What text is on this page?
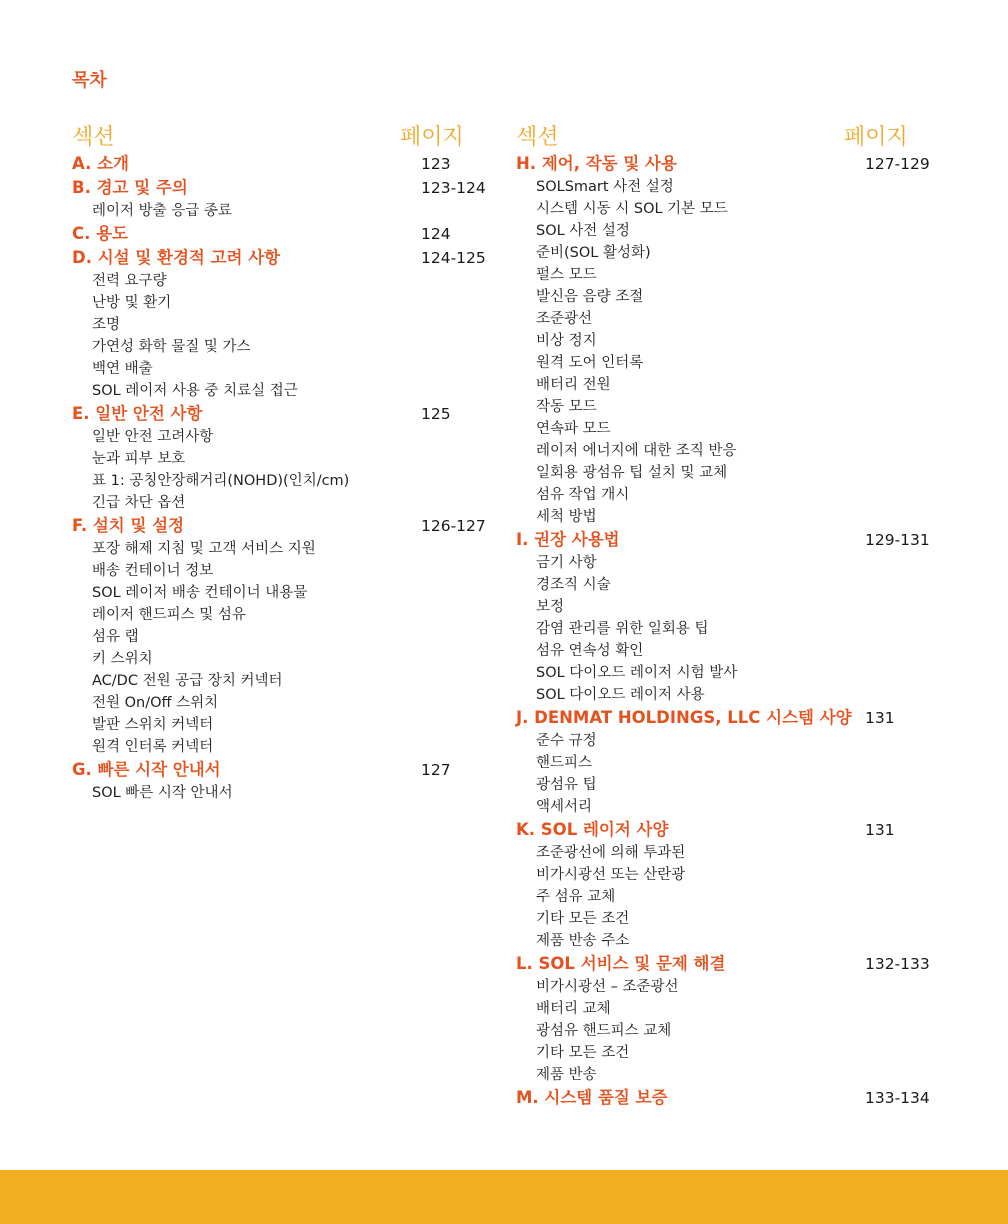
목차
섹션	페이지
A. 소개	123
B. 경고 및 주의	123-124
레이저 방출 응급 종료
C. 용도	124
D. 시설 및 환경적 고려 사항	124-125
전력 요구량
난방 및 환기
조명
가연성 화학 물질 및 가스
백연 배출
SOL 레이저 사용 중 치료실 접근
E. 일반 안전 사항	125
일반 안전 고려사항
눈과 피부 보호
표 1: 공칭안장해거리(NOHD)(인치/cm)
긴급 차단 옵션
F. 설치 및 설정	126-127
포장 해제 지침 및 고객 서비스 지원
배송 컨테이너 정보
SOL 레이저 배송 컨테이너 내용물
레이저 핸드피스 및 섬유
섬유 랩
키 스위치
AC/DC 전원 공급 장치 커넥터
전원 On/Off 스위치
발판 스위치 커넥터
원격 인터록 커넥터
G. 빠른 시작 안내서	127
SOL 빠른 시작 안내서
섹션	페이지
H. 제어, 작동 및 사용	127-129
SOLSmart 사전 설정
시스템 시동 시 SOL 기본 모드
SOL 사전 설정
준비(SOL 활성화)
펄스 모드
발신음 음량 조절
조준광선
비상 정지
원격 도어 인터록
배터리 전원
작동 모드
연속파 모드
레이저 에너지에 대한 조직 반응
일회용 광섬유 팁 설치 및 교체
섬유 작업 개시
세척 방법
I. 권장 사용법	129-131
금기 사항
경조직 시술
보정
감염 관리를 위한 일회용 팁
섬유 연속성 확인
SOL 다이오드 레이저 시험 발사
SOL 다이오드 레이저 사용
J. DENMAT HOLDINGS, LLC 시스템 사양 131
준수 규정
핸드피스
광섬유 팁
액세서리
K. SOL 레이저 사양	131
조준광선에 의해 투과된
비가시광선 또는 산란광
주 섬유 교체
기타 모든 조건
제품 반송 주소
L. SOL 서비스 및 문제 해결	132-133
비가시광선 – 조준광선
배터리 교체
광섬유 핸드피스 교체
기타 모든 조건
제품 반송
M. 시스템 품질 보증	133-134
